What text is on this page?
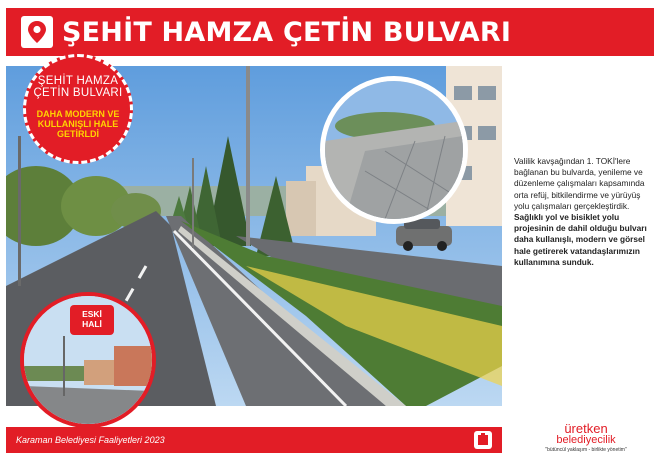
ŞEHİT HAMZA ÇETİN BULVARI
ŞEHİT HAMZA
ÇETİN BULVARI
DAHA MODERN VE
KULLANIŞLI HALE
GETİRLDİ
ESKİ
HALİ

Valilik kavşağından 1. TOKİ'lere bağlanan bu bulvarda, yenileme ve düzenleme çalışmaları kapsamında orta refüj, bitkilendirme ve yürüyüş yolu çalışmaları gerçekleştirdik.

Sağlıklı yol ve bisiklet yolu projesinin de dahil olduğu bulvarı daha kullanışlı, modern ve görsel hale getirerek vatandaşlarımızın kullanımına sunduk.

Karaman Belediyesi Faaliyetleri 2023
üretken
belediyecilik
"bütüncül yaklaşım - birlikte yönetim"
